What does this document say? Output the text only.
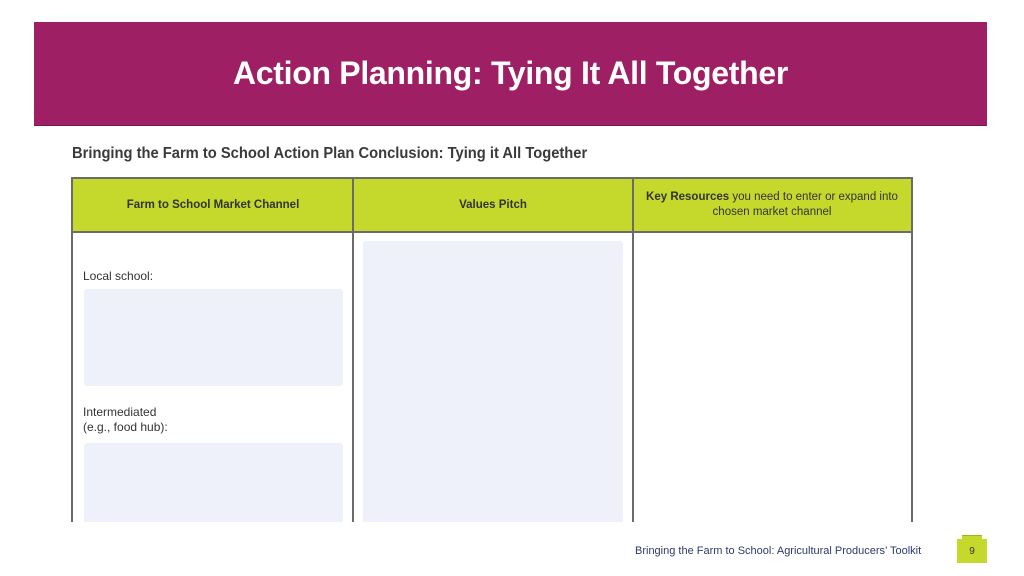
Action Planning: Tying It All Together
Bringing the Farm to School Action Plan Conclusion: Tying it All Together
Farm to School Market Channel	Values Pitch
Key Resources you need to enter or expand into chosen market channel
Local school:
Intermediated
(e.g., food hub):
Bringing the Farm to School: Agricultural Producers’ Toolkit	9
